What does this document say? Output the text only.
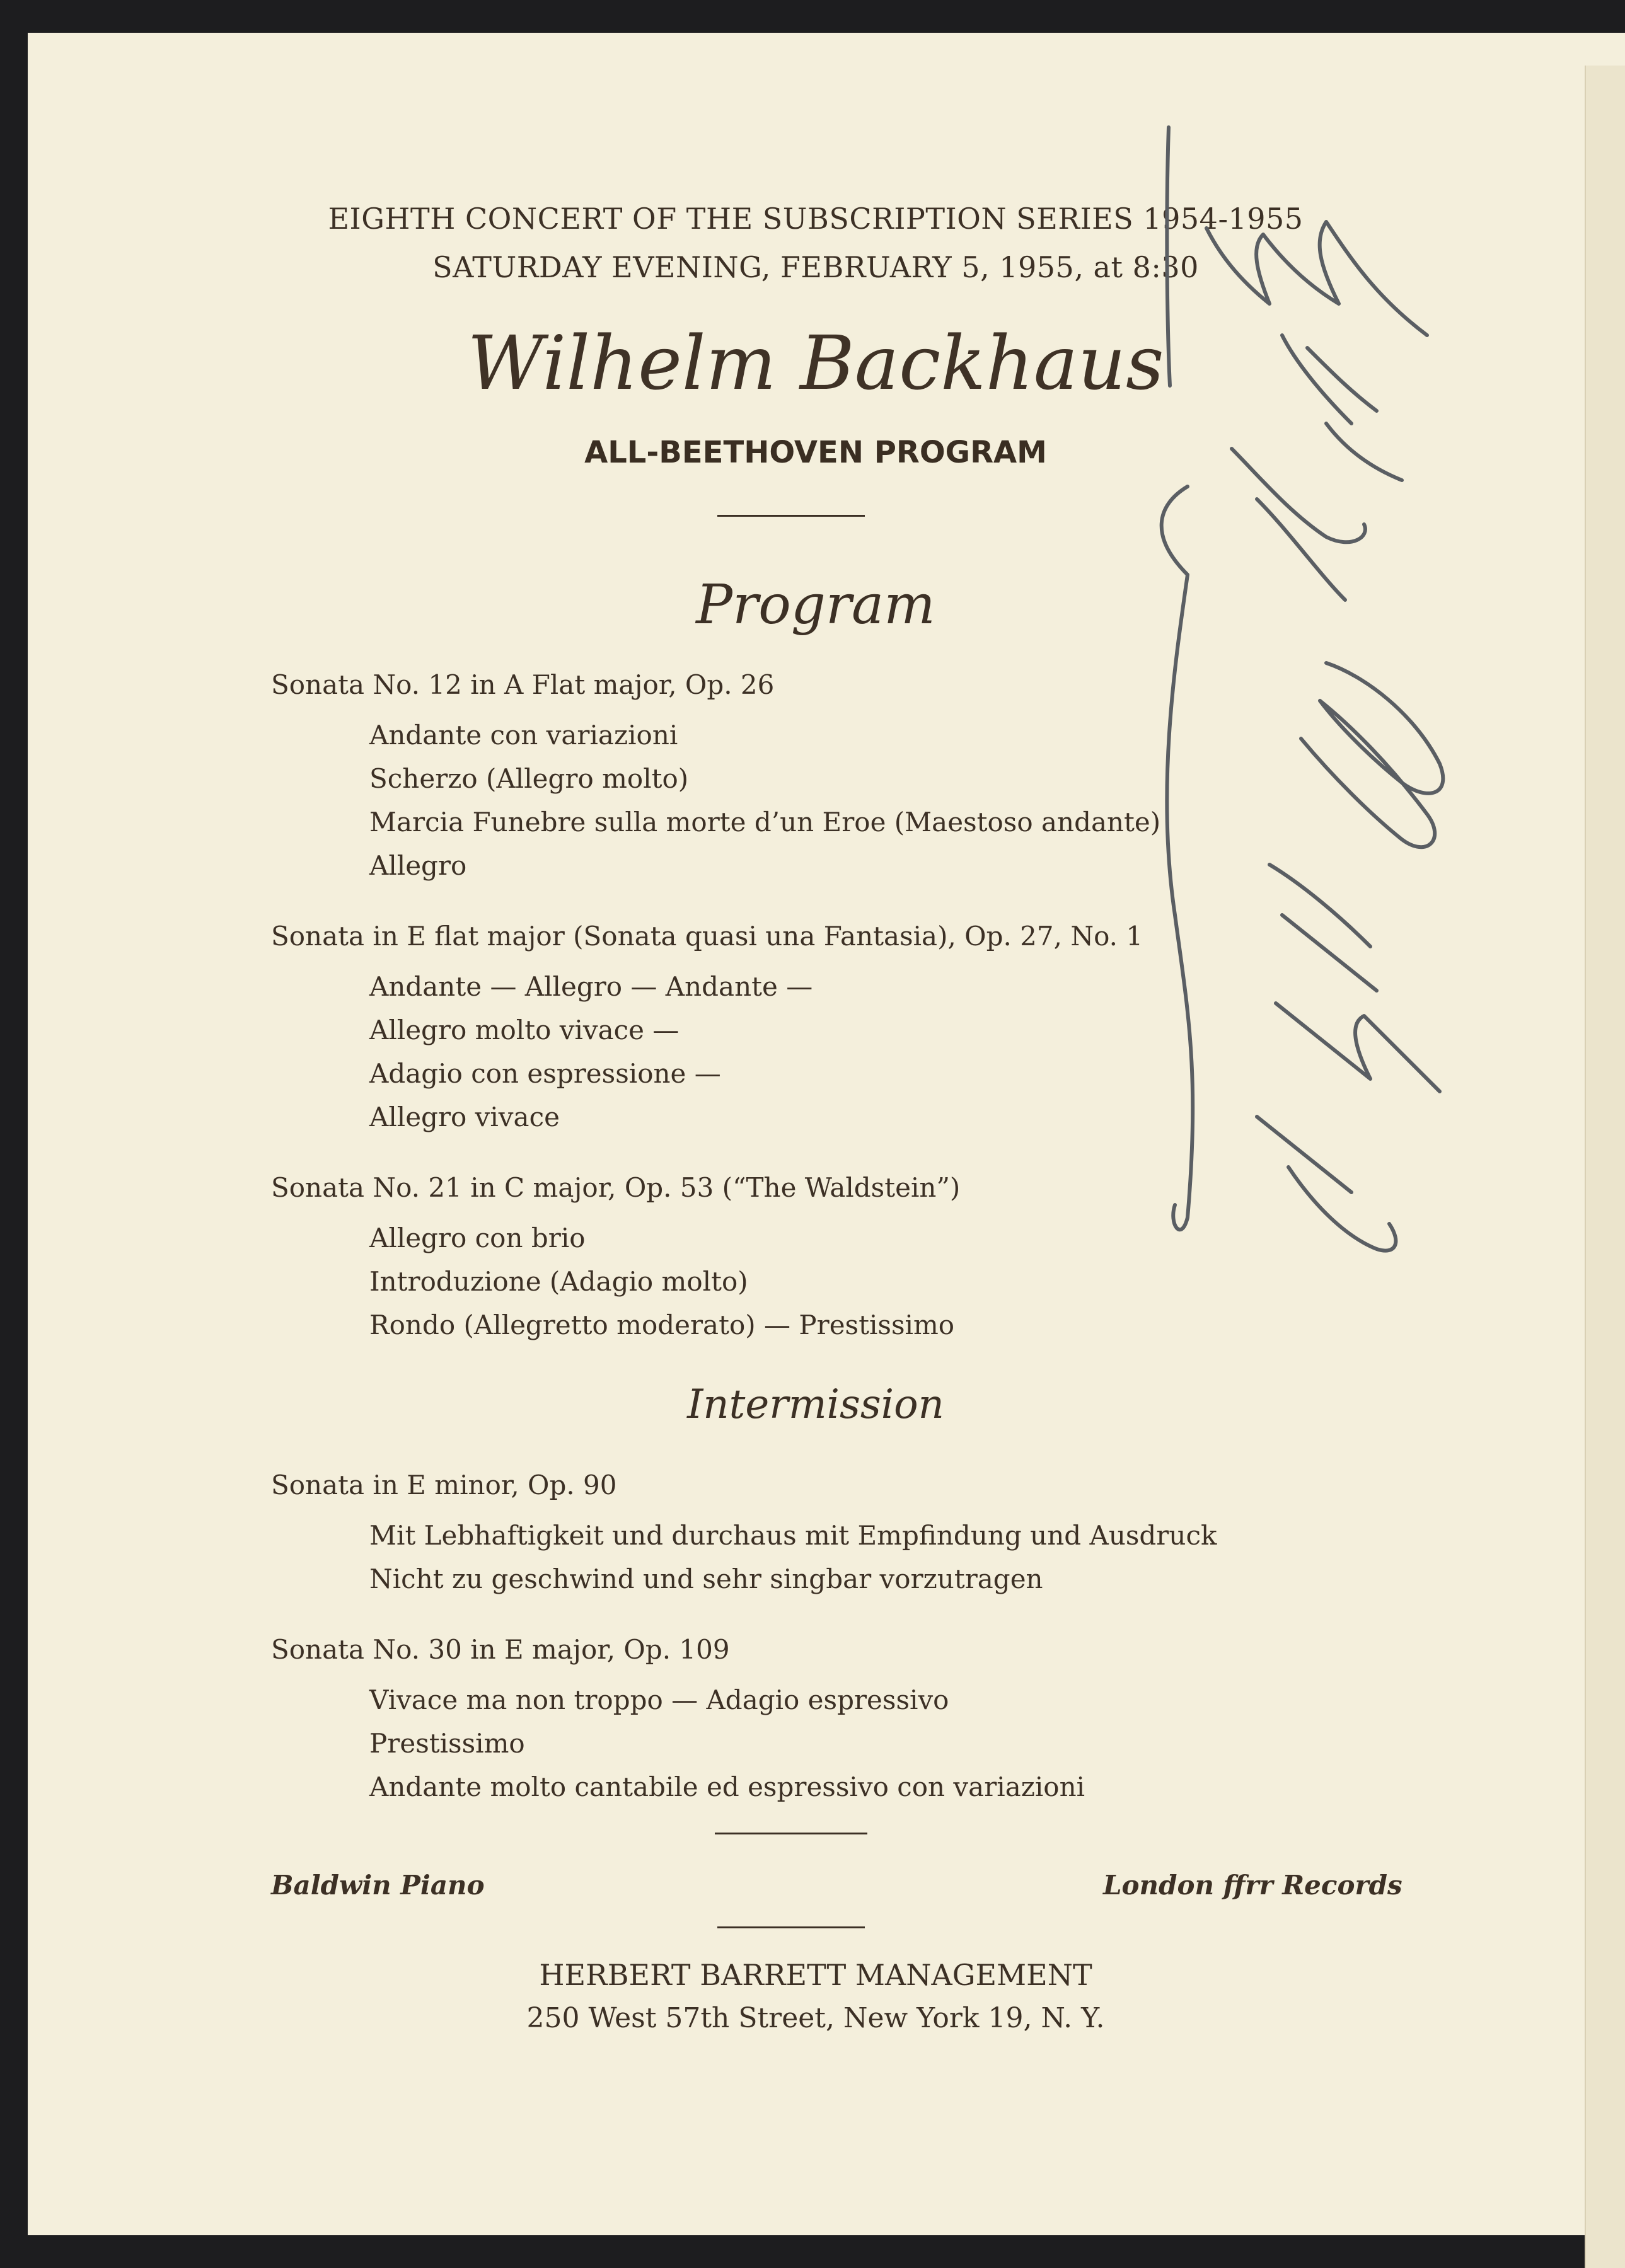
EIGHTH CONCERT OF THE SUBSCRIPTION SERIES 1954-1955

SATURDAY EVENING, FEBRUARY 5, 1955, at 8:30

Wilhelm Backhaus

ALL-BEETHOVEN PROGRAM

Program

Sonata No. 12 in A Flat major, Op. 26

Andante con variazioni

Scherzo (Allegro molto)

Marcia Funebre sulla morte d’un Eroe (Maestoso andante)

Allegro

Sonata in E flat major (Sonata quasi una Fantasia), Op. 27, No. 1

Andante — Allegro — Andante —

Allegro molto vivace —

Adagio con espressione —

Allegro vivace

Sonata No. 21 in C major, Op. 53 (“The Waldstein”)

Allegro con brio

Introduzione (Adagio molto)

Rondo (Allegretto moderato) — Prestissimo

Intermission

Sonata in E minor, Op. 90

Mit Lebhaftigkeit und durchaus mit Empfindung und Ausdruck

Nicht zu geschwind und sehr singbar vorzutragen

Sonata No. 30 in E major, Op. 109

Vivace ma non troppo — Adagio espressivo

Prestissimo

Andante molto cantabile ed espressivo con variazioni

Baldwin Piano	London ffrr Records

HERBERT BARRETT MANAGEMENT

250 West 57th Street, New York 19, N. Y.
